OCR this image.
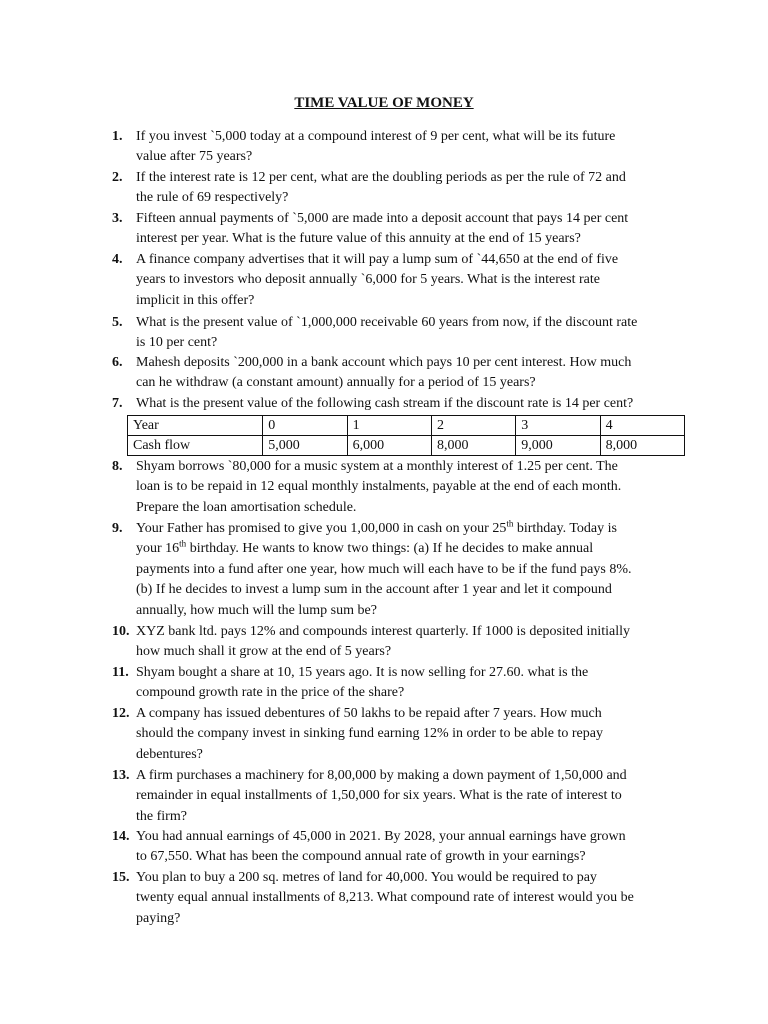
TIME VALUE OF MONEY
1. If you invest `5,000 today at a compound interest of 9 per cent, what will be its future
value after 75 years?
2. If the interest rate is 12 per cent, what are the doubling periods as per the rule of 72 and
the rule of 69 respectively?
3. Fifteen annual payments of `5,000 are made into a deposit account that pays 14 per cent
interest per year. What is the future value of this annuity at the end of 15 years?
4. A finance company advertises that it will pay a lump sum of `44,650 at the end of five
years to investors who deposit annually `6,000 for 5 years. What is the interest rate
implicit in this offer?
5. What is the present value of `1,000,000 receivable 60 years from now, if the discount rate
is 10 per cent?
6. Mahesh deposits `200,000 in a bank account which pays 10 per cent interest. How much
can he withdraw (a constant amount) annually for a period of 15 years?
7. What is the present value of the following cash stream if the discount rate is 14 per cent?
Year	0	1	2	3	4
Cash flow	5,000	6,000	8,000	9,000	8,000
8. Shyam borrows `80,000 for a music system at a monthly interest of 1.25 per cent. The
loan is to be repaid in 12 equal monthly instalments, payable at the end of each month.
Prepare the loan amortisation schedule.
9. Your Father has promised to give you 1,00,000 in cash on your 25th birthday. Today is
your 16th birthday. He wants to know two things: (a) If he decides to make annual
payments into a fund after one year, how much will each have to be if the fund pays 8%.
(b) If he decides to invest a lump sum in the account after 1 year and let it compound
annually, how much will the lump sum be?
10. XYZ bank ltd. pays 12% and compounds interest quarterly. If 1000 is deposited initially
how much shall it grow at the end of 5 years?
11. Shyam bought a share at 10, 15 years ago. It is now selling for 27.60. what is the
compound growth rate in the price of the share?
12. A company has issued debentures of 50 lakhs to be repaid after 7 years. How much
should the company invest in sinking fund earning 12% in order to be able to repay
debentures?
13. A firm purchases a machinery for 8,00,000 by making a down payment of 1,50,000 and
remainder in equal installments of 1,50,000 for six years. What is the rate of interest to
the firm?
14. You had annual earnings of 45,000 in 2021. By 2028, your annual earnings have grown
to 67,550. What has been the compound annual rate of growth in your earnings?
15. You plan to buy a 200 sq. metres of land for 40,000. You would be required to pay
twenty equal annual installments of 8,213. What compound rate of interest would you be
paying?
